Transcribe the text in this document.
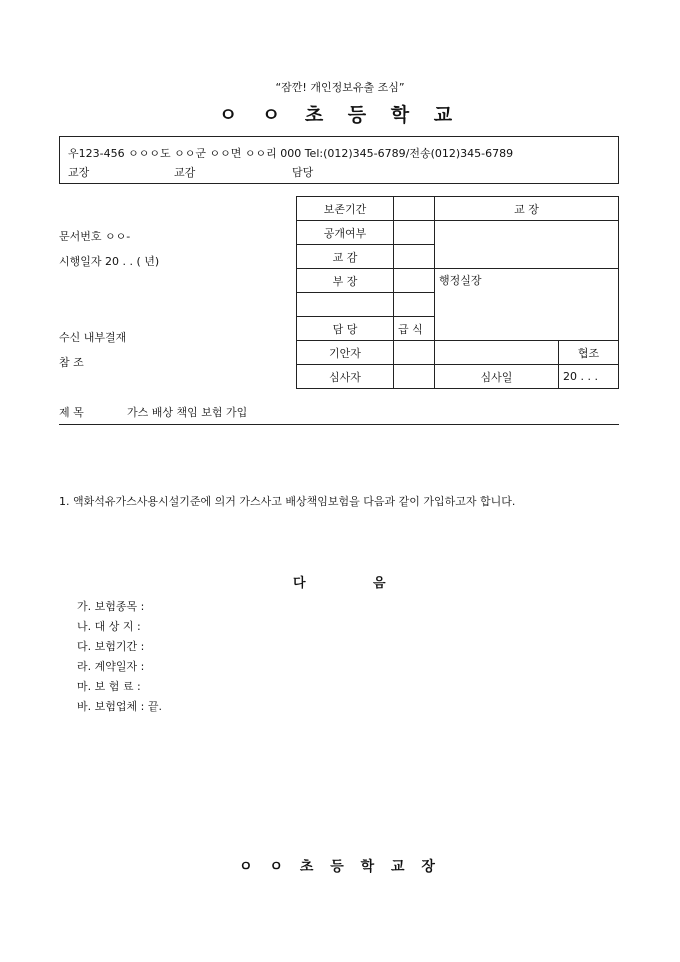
“잠깐! 개인정보유출 조심”
ㅇ ㅇ 초 등 학 교
우123-456 ㅇㅇㅇ도 ㅇㅇ군 ㅇㅇ면 ㅇㅇ리 000 Tel:(012)345-6789/전송(012)345-6789
교장	교감	담당
문서번호 ㅇㅇ-
시행일자 20 . . ( 년)
수신 내부결재
참 조
보존기간		교 장	
공개여부			
교 감			
부 장		행정실장	

담 당	급 식		
기안자			협조
심사자		심사일	20 . . .
제 목	가스 배상 책임 보험 가입
1. 액화석유가스사용시설기준에 의거 가스사고 배상책임보험을 다음과 같이 가입하고자 합니다.
다	음
가. 보험종목 :
나. 대 상 지 :
다. 보험기간 :
라. 계약일자 :
마. 보 험 료 :
바. 보험업체 : 끝.
ㅇ ㅇ 초 등 학 교 장
